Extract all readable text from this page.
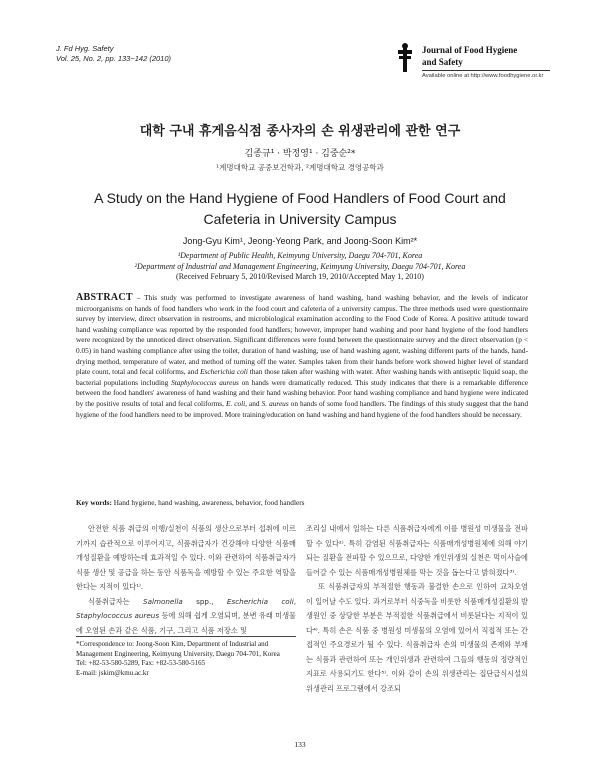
J. Fd Hyg. Safety
Vol. 25, No. 2, pp. 133~142 (2010)
Journal of Food Hygiene
and Safety
Available online at http://www.foodhygiene.or.kr
대학 구내 휴게음식점 종사자의 손 위생관리에 관한 연구
김종규¹ · 박정영¹ · 김중순²*
¹계명대학교 공중보건학과, ²계명대학교 경영공학과
A Study on the Hand Hygiene of Food Handlers of Food Court and
Cafeteria in University Campus
Jong-Gyu Kim¹, Jeong-Yeong Park, and Joong-Soon Kim²*
¹Department of Public Health, Keimyung University, Daegu 704-701, Korea
²Department of Industrial and Management Engineering, Keimyung University, Daegu 704-701, Korea
(Received February 5, 2010/Revised March 19, 2010/Accepted May 1, 2010)
ABSTRACT – This study was performed to investigate awareness of hand washing, hand washing behavior, and the levels of indicator microorganisms on hands of food handlers who work in the food court and cafeteria of a university campus. The three methods used were questionnaire survey by interview, direct observation in restrooms, and microbiological examination according to the Food Code of Korea. A positive attitude toward hand washing compliance was reported by the responded food handlers; however, improper hand washing and poor hand hygiene of the food handlers were recognized by the unnoticed direct observation. Significant differences were found between the questionnaire survey and the direct observation (p < 0.05) in hand washing compliance after using the toilet, duration of hand washing, use of hand washing agent, washing different parts of the hands, hand-drying method, temperature of water, and method of turning off the water. Samples taken from their hands before work showed higher level of standard plate count, total and fecal coliforms, and Escherichia coli than those taken after washing with water. After washing hands with antiseptic liquid soap, the bacterial populations including Staphylococcus aureus on hands were dramatically reduced. This study indicates that there is a remarkable difference between the food handlers' awareness of hand washing and their hand washing behavior. Poor hand washing compliance and hand hygiene were indicated by the positive results of total and fecal coliforms, E. coli, and S. aureus on hands of some food handlers. The findings of this study suggest that the hand hygiene of the food handlers need to be improved. More training/education on hand washing and hand hygiene of the food handlers should be necessary.
Key words: Hand hygiene, hand washing, awareness, behavior, food handlers

안전한 식품 취급의 이행/실천이 식품의 생산으로부터 섭취에 이르기까지 습관적으로 이루어지고, 식품취급자가 건강해야 다양한 식품매개성질환을 예방하는데 효과적일 수 있다. 이와 관련하여 식품취급자가 식품 생산 및 공급을 하는 동안 식품독을 예방할 수 있는 주요한 역할을 한다는 지적이 있다¹⁾.

식품취급자는 Salmonella spp., Escherichia coli, Staphylococcus aureus 등에 의해 쉽게 오염되며, 분변 유래 미생물에 오염된 손과 같은 식품, 기구, 그리고 식품 저장소 및

조리실 내에서 일하는 다른 식품취급자에게 이를 병원성 미생물을 전파할 수 있다²⁾. 특히 감염된 식품취급자는 식품매개성병원체에 의해 야기되는 질환을 전파할 수 있으므로, 다양한 개인위생의 실천은 먹이사슬에 들어갈 수 있는 식품매개성병원체를 막는 것을 돕는다고 밝혀졌다³⁾.

또 식품취급자의 부적절한 행동과 불결한 손으로 인하여 교차오염이 일어날 수도 있다. 과거로부터 식중독을 비롯한 식품매개성질환의 발생원인 중 상당한 부분은 부적절한 식품취급에서 비롯된다는 지적이 있다⁴⁾. 특히 손은 식품 중 병원성 미생물의 오염에 있어서 직접적 또는 간접적인 주요경로가 될 수 있다. 식품취급자 손의 미생물의 존재와 부재는 식품과 관련하여 또는 개인위생과 관련하여 그들의 행동의 정량적인 지표로 사용되기도 한다⁵⁾. 이와 같이 손의 위생관리는 집단급식시설의 위생관리 프로그램에서 강조되

*Correspondence to: Joong-Soon Kim, Department of Industrial and Management Engineering, Keimyung University, Daegu 704-701, Korea
Tel: +82-53-580-5289, Fax: +82-53-580-5165
E-mail: jskim@kmu.ac.kr
133
